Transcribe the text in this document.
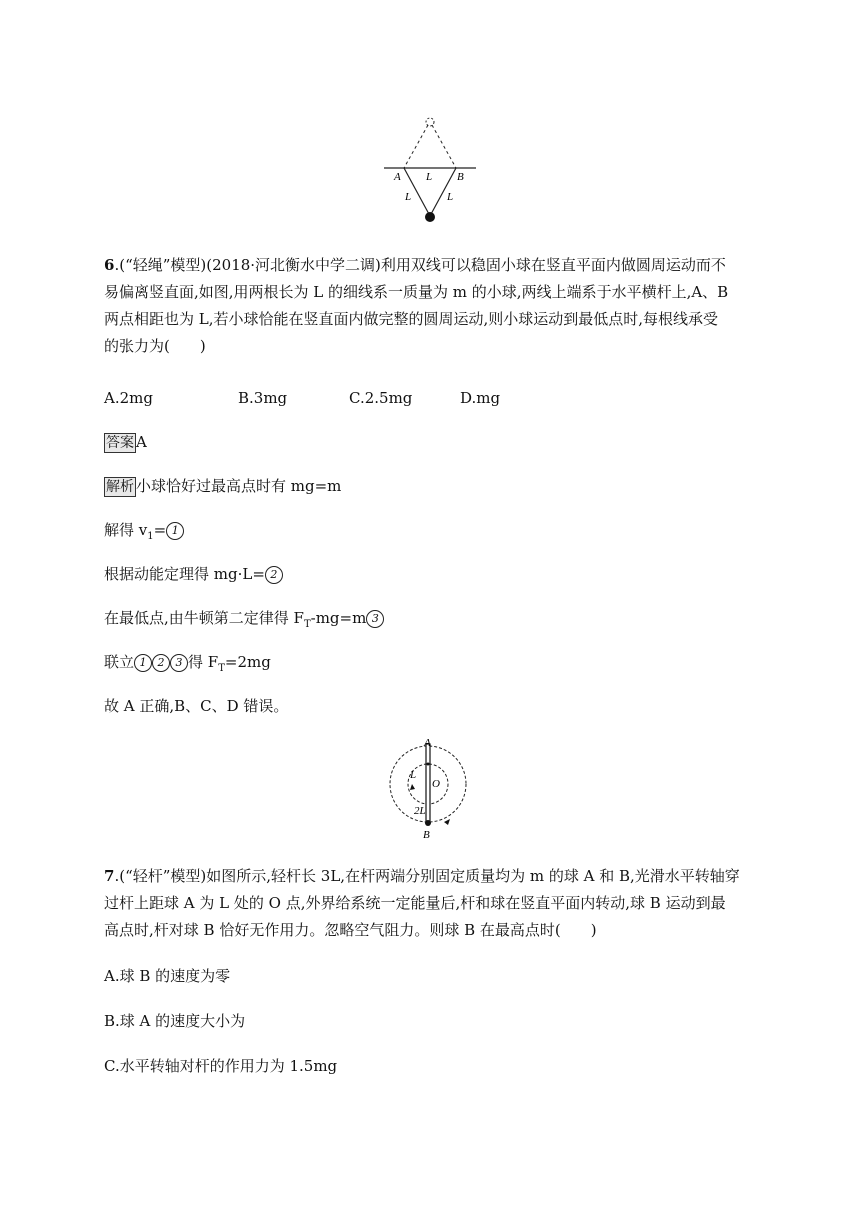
A L B
L	L
6.(“轻绳”模型)(2018·河北衡水中学二调)利用双线可以稳固小球在竖直平面内做圆周运动而不
易偏离竖直面,如图,用两根长为 L 的细线系一质量为 m 的小球,两线上端系于水平横杆上,A、B
两点相距也为 L,若小球恰能在竖直面内做完整的圆周运动,则小球运动到最低点时,每根线承受
的张力为(　　)
A.2mg	B.3mg	C.2.5mg	D.mg
答案 A
解析 小球恰好过最高点时有 mg=m
解得 $v_1= 1$
根据动能定理得 mg·L= 2
在最低点,由牛顿第二定律得 $F_T-mg=m$ 3
联立 1 2 3 得 $F_T=2mg$
故 A 正确,B、C、D 错误。
A
L
O
2L
B
7.(“轻杆”模型)如图所示,轻杆长 3L,在杆两端分别固定质量均为 m 的球 A 和 B,光滑水平转轴穿
过杆上距球 A 为 L 处的 O 点,外界给系统一定能量后,杆和球在竖直平面内转动,球 B 运动到最
高点时,杆对球 B 恰好无作用力。忽略空气阻力。则球 B 在最高点时(　　)
A.球 B 的速度为零
B.球 A 的速度大小为
C.水平转轴对杆的作用力为 1.5mg
